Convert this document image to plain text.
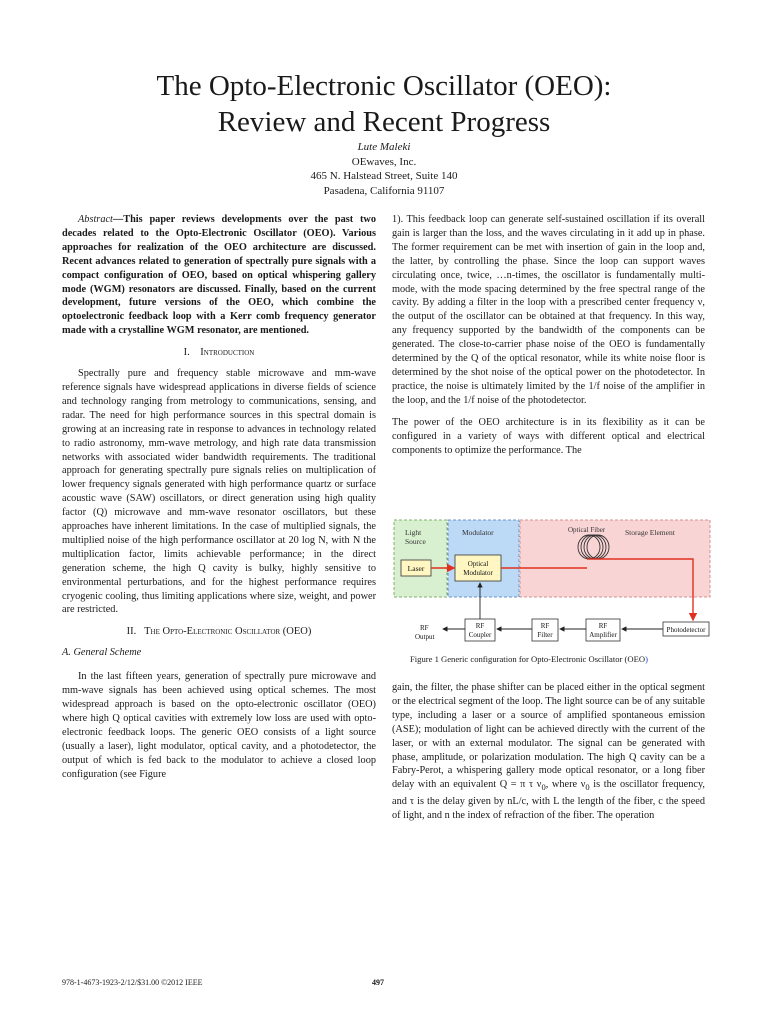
The Opto-Electronic Oscillator (OEO):
Review and Recent Progress
Lute Maleki
OEwaves, Inc.
465 N. Halstead Street, Suite 140
Pasadena, California 91107

Abstract—This paper reviews developments over the past two decades related to the Opto-Electronic Oscillator (OEO). Various approaches for realization of the OEO architecture are discussed. Recent advances related to generation of spectrally pure signals with a compact configuration of OEO, based on optical whispering gallery mode (WGM) resonators are discussed. Finally, based on the current development, future versions of the OEO, which combine the optoelectronic feedback loop with a Kerr comb frequency generator made with a crystalline WGM resonator, are mentioned.

I. Introduction

Spectrally pure and frequency stable microwave and mm-wave reference signals have widespread applications in diverse fields of science and technology ranging from metrology to communications, sensing, and radar. The need for high performance sources in this spectral domain is growing at an increasing rate in response to advances in technology related to radio astronomy, mm-wave metrology, and high rate data transmission networks with associated wider bandwidth requirements. The traditional approach for generating spectrally pure signals relies on multiplication of lower frequency signals generated with high performance quartz or surface acoustic wave (SAW) oscillators, or direct generation using high quality factor (Q) microwave and mm-wave resonator oscillators, but these approaches have inherent limitations. In the case of multiplied signals, the multiplied noise of the high performance oscillator at 20 log N, with N the multiplication factor, limits achievable performance; in the direct generation scheme, the high Q cavity is bulky, highly sensitive to environmental perturbations, and for the highest performance requires cryogenic cooling, thus limiting applications where size, weight, and power are restricted.

II. The Opto-Electronic Oscillator (OEO)
A. General Scheme

In the last fifteen years, generation of spectrally pure microwave and mm-wave signals has been achieved using optical schemes. The most widespread approach is based on the opto-electronic oscillator (OEO) where high Q optical cavities with extremely low loss are used with opto-electronic feedback loops. The generic OEO consists of a light source (usually a laser), light modulator, optical cavity, and a photodetector, the output of which is fed back to the modulator to achieve a closed loop configuration (see Figure

1). This feedback loop can generate self-sustained oscillation if its overall gain is larger than the loss, and the waves circulating in it add up in phase. The former requirement can be met with insertion of gain in the loop and, the latter, by controlling the phase. Since the loop can support waves circulating once, twice, …n-times, the oscillator is fundamentally multi-mode, with the mode spacing determined by the free spectral range of the cavity. By adding a filter in the loop with a prescribed center frequency ν, the output of the oscillator can be obtained at that frequency. In this way, any frequency supported by the bandwidth of the components can be generated. The close-to-carrier phase noise of the OEO is fundamentally determined by the Q of the optical resonator, while its white noise floor is determined by the shot noise of the optical power on the photodetector. In practice, the noise is ultimately limited by the 1/f noise of the amplifier in the loop, and the 1/f noise of the photodetector.

The power of the OEO architecture is in its flexibility as it can be configured in a variety of ways with different optical and electrical components to optimize the performance. The

Light
Source
Modulator	Optical Fiber	Storage Element
Laser	Optical
Modulator
Photodetector
RF
Amplifier
RF
Filter
RF
Coupler
RF
Output
Figure 1 Generic configuration for Opto-Electronic Oscillator (OEO)

gain, the filter, the phase shifter can be placed either in the optical segment or the electrical segment of the loop. The light source can be of any suitable type, including a laser or a source of amplified spontaneous emission (ASE); modulation of light can be achieved directly with the current of the laser, or with an external modulator. The signal can be generated with phase, amplitude, or polarization modulation. The high Q cavity can be a Fabry-Perot, a whispering gallery mode optical resonator, or a long fiber delay with an equivalent Q = π τ $\nu_0$, where $\nu_0$ is the oscillator frequency, and τ is the delay given by nL/c, with L the length of the fiber, c the speed of light, and n the index of refraction of the fiber. The operation

978-1-4673-1923-2/12/$31.00 ©2012 IEEE	497
